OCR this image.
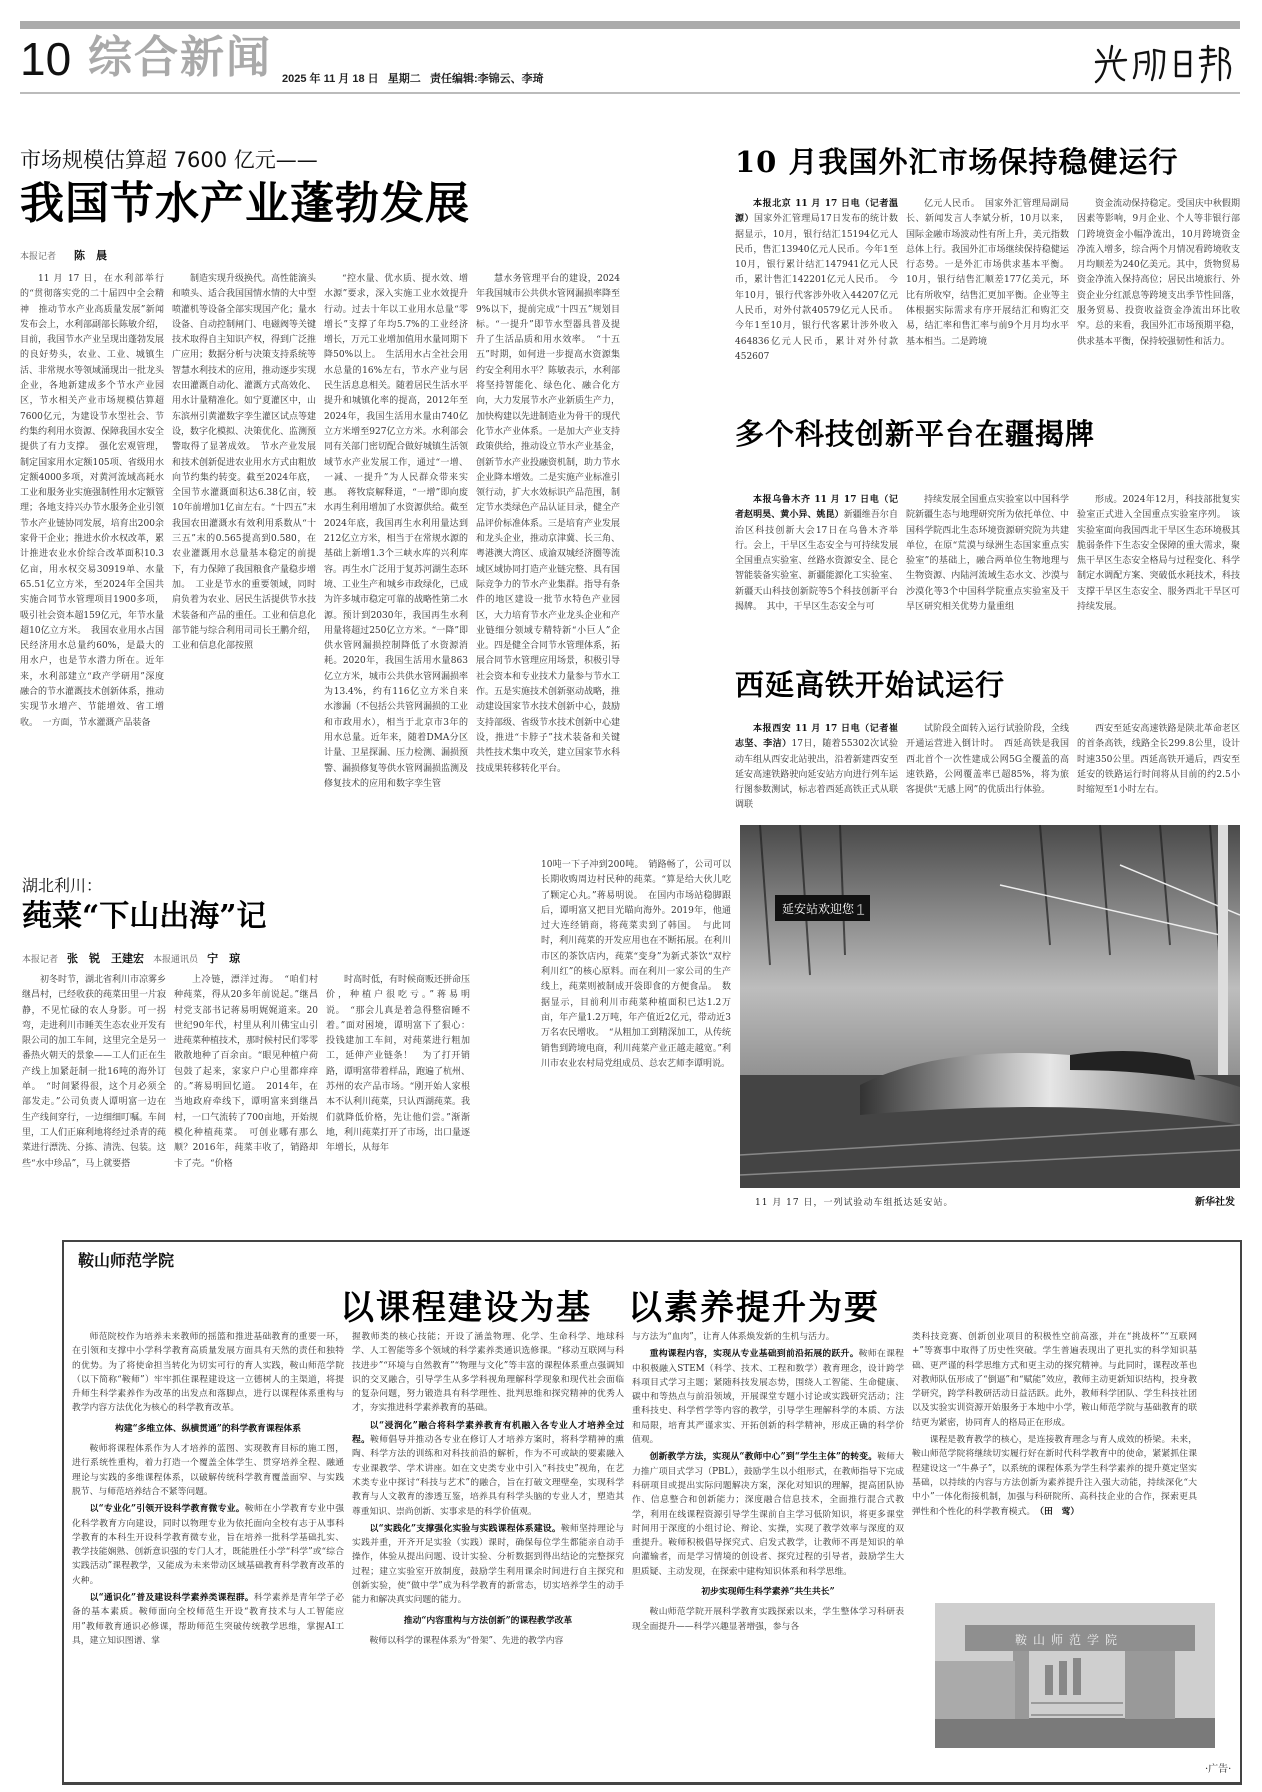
10 综合新闻 2025 年 11 月 18 日   星期二   责任编辑:李锦云、李琦
市场规模估算超 7600 亿元——
我国节水产业蓬勃发展
本报记者　　 陈　晨

11 月 17 日，在水利部举行的“贯彻落实党的二十届四中全会精神　推动节水产业高质量发展”新闻发布会上，水利部副部长陈敏介绍，目前，我国节水产业呈现出蓬勃发展的良好势头，农业、工业、城镇生活、非常规水等领域涌现出一批龙头企业，各地新建成多个节水产业园区，节水相关产业市场规模估算超7600亿元，为建设节水型社会、节约集约利用水资源、保障我国水安全提供了有力支撑。　强化宏观管理，制定国家用水定额105项、省级用水定额4000多项，对黄河流域高耗水工业和服务业实施强制性用水定额管理；各地支持兴办节水服务企业引领节水产业链协同发展，培育出200余家骨干企业；推进水价水权改革，累计推进农业水价综合改革面积10.3亿亩，用水权交易30919单、水量65.51亿立方米，至2024年全国共实施合同节水管理项目1900多项，吸引社会资本超159亿元，年节水量超10亿立方米。　我国农业用水占国民经济用水总量约60%，是最大的用水户，也是节水潜力所在。近年来，水利部建立“政产学研用”深度融合的节水灌溉技术创新体系，推动实现节水增产、节能增效、省工增收。　一方面，节水灌溉产品装备

制造实现升级换代。高性能滴头和喷头、适合我国国情水情的大中型喷灌机等设备全部实现国产化；量水设备、自动控制闸门、电磁阀等关键技术取得自主知识产权，得到广泛推广应用；数据分析与决策支持系统等智慧水利技术的应用，推动逐步实现农田灌溉自动化、灌溉方式高效化、用水计量精准化。如宁夏灌区中，山东滨州引黄灌数字孪生灌区试点等建设，数字化模拟、决策优化、监测预警取得了显著成效。　节水产业发展和技术创新促进农业用水方式由粗放向节约集约转变。截至2024年底，全国节水灌溉面积达6.38亿亩，较10年前增加1亿亩左右。“十四五”末我国农田灌溉水有效利用系数从“十三五”末的0.565提高到0.580，在农业灌溉用水总量基本稳定的前提下，有力保障了我国粮食产量稳步增加。　工业是节水的重要领域，同时肩负着为农业、居民生活提供节水技术装备和产品的重任。工业和信息化部节能与综合利用司司长王鹏介绍，工业和信息化部按照

“控水量、优水质、提水效、增水源”要求，深入实施工业水效提升行动。过去十年以工业用水总量“零增长”支撑了年均5.7%的工业经济增长，万元工业增加值用水量同期下降50%以上。　生活用水占全社会用水总量的16%左右，节水产业与居民生活息息相关。随着居民生活水平提升和城镇化率的提高，2012年至2024年，我国生活用水量由740亿立方米增至927亿立方米。水利部会同有关部门密切配合做好城镇生活领域节水产业发展工作，通过“一增、一减、一提升”为人民群众带来实惠。　蒋牧宸解释道，“一增”即向废水再生利用增加了水资源供给。截至2024年底，我国再生水利用量达到212亿立方米，相当于在常规水源的基础上新增1.3个三峡水库的兴利库容。再生水广泛用于复苏河湖生态环境、工业生产和城乡市政绿化，已成为许多城市稳定可靠的战略性第二水源。预计到2030年，我国再生水利用量将超过250亿立方米。“一降”即供水管网漏损控制降低了水资源消耗。2020年，我国生活用水量863亿立方米，城市公共供水管网漏损率为13.4%，约有116亿立方米自来水渗漏（不包括公共管网漏损的工业和市政用水），相当于北京市3年的用水总量。近年来，随着DMA分区计量、卫星探漏、压力检测、漏损预警、漏损修复等供水管网漏损监测及修复技术的应用和数字孪生管

慧水务管理平台的建设，2024年我国城市公共供水管网漏损率降至9%以下，提前完成“十四五”规划目标。“一提升”即节水型器具普及提升了生活品质和用水效率。　“十五五”时期，如何进一步提高水资源集约安全利用水平？陈敏表示，水利部将坚持智能化、绿色化、融合化方向，大力发展节水产业新质生产力，加快构建以先进制造业为骨干的现代化节水产业体系。一是加大产业支持政策供给，推动设立节水产业基金，创新节水产业投融资机制，助力节水企业降本增效。二是实施产业标准引领行动，扩大水效标识产品范围，制定节水类绿色产品认证目录，健全产品评价标准体系。三是培育产业发展和龙头企业，推动京津冀、长三角、粤港澳大湾区、成渝双城经济圈等流域区域协同打造产业链完整、具有国际竞争力的节水产业集群。指导有条件的地区建设一批节水特色产业园区，大力培育节水产业龙头企业和产业链细分领域专精特新“小巨人”企业。四是健全合同节水管理体系，拓展合同节水管理应用场景，积极引导社会资本和专业技术力量参与节水工作。五是实施技术创新驱动战略，推动建设国家节水技术创新中心，鼓励支持部级、省级节水技术创新中心建设，推进“卡脖子”技术装备和关键共性技术集中攻关，建立国家节水科技成果转移转化平台。

10 月我国外汇市场保持稳健运行

本报北京 11 月 17 日电（记者温源）国家外汇管理局17日发布的统计数据显示，10月，银行结汇15194亿元人民币，售汇13940亿元人民币。今年1至10月，银行累计结汇147941亿元人民币，累计售汇142201亿元人民币。　今年10月，银行代客涉外收入44207亿元人民币，对外付款40579亿元人民币。今年1至10月，银行代客累计涉外收入464836亿元人民币，累计对外付款452607

亿元人民币。　国家外汇管理局副局长、新闻发言人李斌分析，10月以来，国际金融市场波动性有所上升，美元指数总体上行。我国外汇市场继续保持稳健运行态势。一是外汇市场供求基本平衡。10月，银行结售汇顺差177亿美元，环比有所收窄，结售汇更加平衡。企业等主体根据实际需求有序开展结汇和购汇交易，结汇率和售汇率与前9个月月均水平基本相当。二是跨境

资金流动保持稳定。受国庆中秋假期因素等影响，9月企业、个人等非银行部门跨境资金小幅净流出，10月跨境资金净流入增多，综合两个月情况看跨境收支月均顺差为240亿美元。其中，货物贸易资金净流入保持高位；居民出境旅行、外资企业分红派息等跨境支出季节性回落，服务贸易、投资收益资金净流出环比收窄。总的来看，我国外汇市场预期平稳，供求基本平衡，保持较强韧性和活力。

多个科技创新平台在疆揭牌

本报乌鲁木齐 11 月 17 日电（记者赵明昊、黄小异、姚昆）新疆维吾尔自治区科技创新大会17日在乌鲁木齐举行。会上，干旱区生态安全与可持续发展全国重点实验室、丝路水资源安全、昆仑智能装备实验室、新疆能源化工实验室、新疆天山科技创新院等5个科技创新平台揭牌。　其中，干旱区生态安全与可

持续发展全国重点实验室以中国科学院新疆生态与地理研究所为依托单位、中国科学院西北生态环境资源研究院为共建单位，在原“荒漠与绿洲生态国家重点实验室”的基础上，融合两单位生物地理与生物资源、内陆河流域生态水文、沙漠与沙漠化等3个中国科学院重点实验室及干旱区研究相关优势力量重组

形成。2024年12月，科技部批复实验室正式进入全国重点实验室序列。　该实验室面向我国西北干旱区生态环境极其脆弱条件下生态安全保障的重大需求，聚焦干旱区生态安全格局与过程变化、科学制定水调配方案、突破低水耗技术，科技支撑干旱区生态安全、服务西北干旱区可持续发展。

西延高铁开始试运行

本报西安 11 月 17 日电（记者崔志坚、李洁）17日，随着55302次试验动车组从西安北站驶出，沿着新建西安至延安高速铁路驶向延安站方向进行列车运行图参数测试，标志着西延高铁正式从联调联

试阶段全面转入运行试验阶段，全线开通运营进入倒计时。　西延高铁是我国西北首个一次性建成公网5G全覆盖的高速铁路，公网覆盖率已超85%，将为旅客提供“无感上网”的优质出行体验。

西安至延安高速铁路是陕北革命老区的首条高铁，线路全长299.8公里，设计时速350公里。西延高铁开通后，西安至延安的铁路运行时间将从目前的约2.5小时缩短至1小时左右。

延安站欢迎您 1
11 月 17 日，一列试验动车组抵达延安站。	新华社发
湖北利川：
莼菜“下山出海”记
本报记者　 张　锐　王建宏　 本报通讯员　 宁　琼

初冬时节，湖北省利川市凉雾乡继昌村，已经收获的莼菜田里一片寂静，不见忙碌的农人身影。可一拐弯，走进利川市睡芙生态农业开发有限公司的加工车间，这里完全是另一番热火朝天的景象——工人们正在生产线上加紧赶制一批16吨的海外订单。　“时间紧得很，这个月必须全部发走。”公司负责人谭明富一边在生产线间穿行，一边细细叮嘱。车间里，工人们正麻利地将经过杀青的莼菜进行漂洗、分拣、清洗、包装。这些“水中珍品”，马上就要搭

上冷链，漂洋过海。　“咱们村种莼菜，得从20多年前说起。”继昌村党支部书记蒋易明娓娓道来。20世纪90年代，村里从利川佛宝山引进莼菜种植技术，那时候村民们零零散散地种了百余亩。“眼见种植户荷包鼓了起来，家家户户心里都痒痒的。”蒋易明回忆道。　2014年，在当地政府牵线下，谭明富来到继昌村，一口气流转了700亩地，开始规模化种植莼菜。　可创业哪有那么顺？2016年，莼菜丰收了，销路却卡了壳。“价格

时高时低，有时候商贩还拼命压价，种植户很吃亏。”蒋易明说。　“那会儿真是着急得整宿睡不着。”面对困境，谭明富下了狠心：投钱建加工车间，对莼菜进行粗加工，延伸产业链条！　为了打开销路，谭明富带着样品，跑遍了杭州、苏州的农产品市场。“刚开始人家根本不认利川莼菜，只认西湖莼菜。我们就降低价格，先让他们尝。”渐渐地，利川莼菜打开了市场，出口量逐年增长，从每年

10吨一下子冲到200吨。　销路畅了，公司可以长期收购周边村民种的莼菜。“算是给大伙儿吃了颗定心丸。”蒋易明说。　在国内市场站稳脚跟后，谭明富又把目光瞄向海外。2019年，他通过大连经销商，将莼菜卖到了韩国。　与此同时，利川莼菜的开发应用也在不断拓展。在利川市区的茶饮店内，莼菜“变身”为新式茶饮“双柠利川红”的核心原料。而在利川一家公司的生产线上，莼菜则被制成开袋即食的方便食品。　数据显示，目前利川市莼菜种植面积已达1.2万亩，年产量1.2万吨，年产值近2亿元，带动近3万名农民增收。　“从粗加工到精深加工，从传统销售到跨境电商，利川莼菜产业正越走越宽。”利川市农业农村局党组成员、总农艺师李谭明说。

鞍山师范学院
以课程建设为基　以素养提升为要

师范院校作为培养未来教师的摇篮和推进基础教育的重要一环，在引领和支撑中小学科学教育高质量发展方面具有天然的责任和独特的优势。为了将使命担当转化为切实可行的育人实践，鞍山师范学院（以下简称“鞍师”）牢牢抓住课程建设这一立德树人的主渠道，将提升师生科学素养作为改革的出发点和落脚点，进行以课程体系重构与教学内容方法优化为核心的科学教育改革。

构建“多维立体、纵横贯通”的科学教育课程体系

鞍师将课程体系作为人才培养的蓝图、实现教育目标的施工图，进行系统性重构，着力打造一个覆盖全体学生、贯穿培养全程、融通理论与实践的多维课程体系，以破解传统科学教育覆盖面窄、与实践脱节、与师范培养结合不紧等问题。

以“专业化”引领开设科学教育微专业。鞍师在小学教育专业中强化科学教育方向建设，同时以物理专业为依托面向全校有志于从事科学教育的本科生开设科学教育微专业，旨在培养一批科学基础扎实、教学技能娴熟、创新意识强的专门人才，既能胜任小学“科学”或“综合实践活动”课程教学，又能成为未来带动区域基础教育科学教育改革的火种。

以“通识化”普及建设科学素养类课程群。科学素养是青年学子必备的基本素质。鞍师面向全校师范生开设“教育技术与人工智能应用”教师教育通识必修课，帮助师范生突破传统教学思维，掌握AI工具，建立知识图谱、掌

握教师类的核心技能；开设了涵盖物理、化学、生命科学、地球科学、人工智能等多个领域的科学素养类通识选修课。“移动互联网与科技进步”“环境与自然教育”“物理与文化”等丰富的课程体系重点强调知识的交叉融合，引导学生从多学科视角理解科学现象和现代社会面临的复杂问题，努力锻造具有科学理性、批判思维和探究精神的优秀人才，夯实推进科学素养教育的基础。

以“浸润化”融合将科学素养教育有机融入各专业人才培养全过程。鞍师倡导并推动各专业在修订人才培养方案时，将科学精神的熏陶、科学方法的训练和对科技前沿的解析，作为不可或缺的要素融入专业课教学、学术讲座。如在文史类专业中引入“科技史”视角，在艺术类专业中探讨“科技与艺术”的融合，旨在打破文理壁垒，实现科学教育与人文教育的渗透互鉴，培养具有科学头脑的专业人才，塑造其尊重知识、崇尚创新、实事求是的科学价值观。

以“实践化”支撑强化实验与实践课程体系建设。鞍师坚持理论与实践并重，开齐开足实验（实践）课时，确保每位学生都能亲自动手操作，体验从提出问题、设计实验、分析数据到得出结论的完整探究过程；建立实验室开放制度，鼓励学生利用课余时间进行自主探究和创新实验，使“做中学”成为科学教育的新常态，切实培养学生的动手能力和解决真实问题的能力。

推动“内容重构与方法创新”的课程教学改革

鞍师以科学的课程体系为“骨架”、先进的教学内容

与方法为“血肉”，让育人体系焕发新的生机与活力。

重构课程内容，实现从专业基础到前沿拓展的跃升。鞍师在课程中积极融入STEM（科学、技术、工程和数学）教育理念，设计跨学科项目式学习主题；紧随科技发展态势，围绕人工智能、生命健康、碳中和等热点与前沿领域，开展课堂专题小讨论或实践研究活动；注重科技史、科学哲学等内容的教学，引导学生理解科学的本质、方法和局限，培育其严谨求实、开拓创新的科学精神，形成正确的科学价值观。

创新教学方法，实现从“教师中心”到“学生主体”的转变。鞍师大力推广项目式学习（PBL），鼓励学生以小组形式，在教师指导下完成科研项目或提出实际问题解决方案，深化对知识的理解，提高团队协作、信息整合和创新能力；深度融合信息技术，全面推行混合式教学，利用在线课程资源引导学生课前自主学习低阶知识，将更多课堂时间用于深度的小组讨论、辩论、实操，实现了教学效率与深度的双重提升。鞍师积极倡导探究式、启发式教学，让教师不再是知识的单向灌输者，而是学习情境的创设者、探究过程的引导者，鼓励学生大胆质疑、主动发现，在探索中建构知识体系和科学思维。

初步实现师生科学素养“共生共长”

鞍山师范学院开展科学教育实践探索以来，学生整体学习科研表现全面提升——科学兴趣显著增强，参与各

类科技竞赛、创新创业项目的积极性空前高涨，并在“挑战杯”“互联网+”等赛事中取得了历史性突破。学生普遍表现出了更扎实的科学知识基础、更严谨的科学思维方式和更主动的探究精神。与此同时，课程改革也对教师队伍形成了“倒逼”和“赋能”效应，教师主动更新知识结构，投身教学研究，跨学科教研活动日益活跃。此外，教师科学团队、学生科技社团以及实验实训资源开始服务于本地中小学，鞍山师范学院与基础教育的联结更为紧密，协同育人的格局正在形成。

课程是教育教学的核心，是连接教育理念与育人成效的桥梁。未来，鞍山师范学院将继续切实履行好在新时代科学教育中的使命，紧紧抓住课程建设这一“牛鼻子”，以系统的课程体系为学生科学素养的提升奠定坚实基础，以持续的内容与方法创新为素养提升注入强大动能，持续深化“大中小”一体化衔接机制，加强与科研院所、高科技企业的合作，探索更具弹性和个性化的科学教育模式。　 （田　莺）

鞍山师范学院
·广告·
